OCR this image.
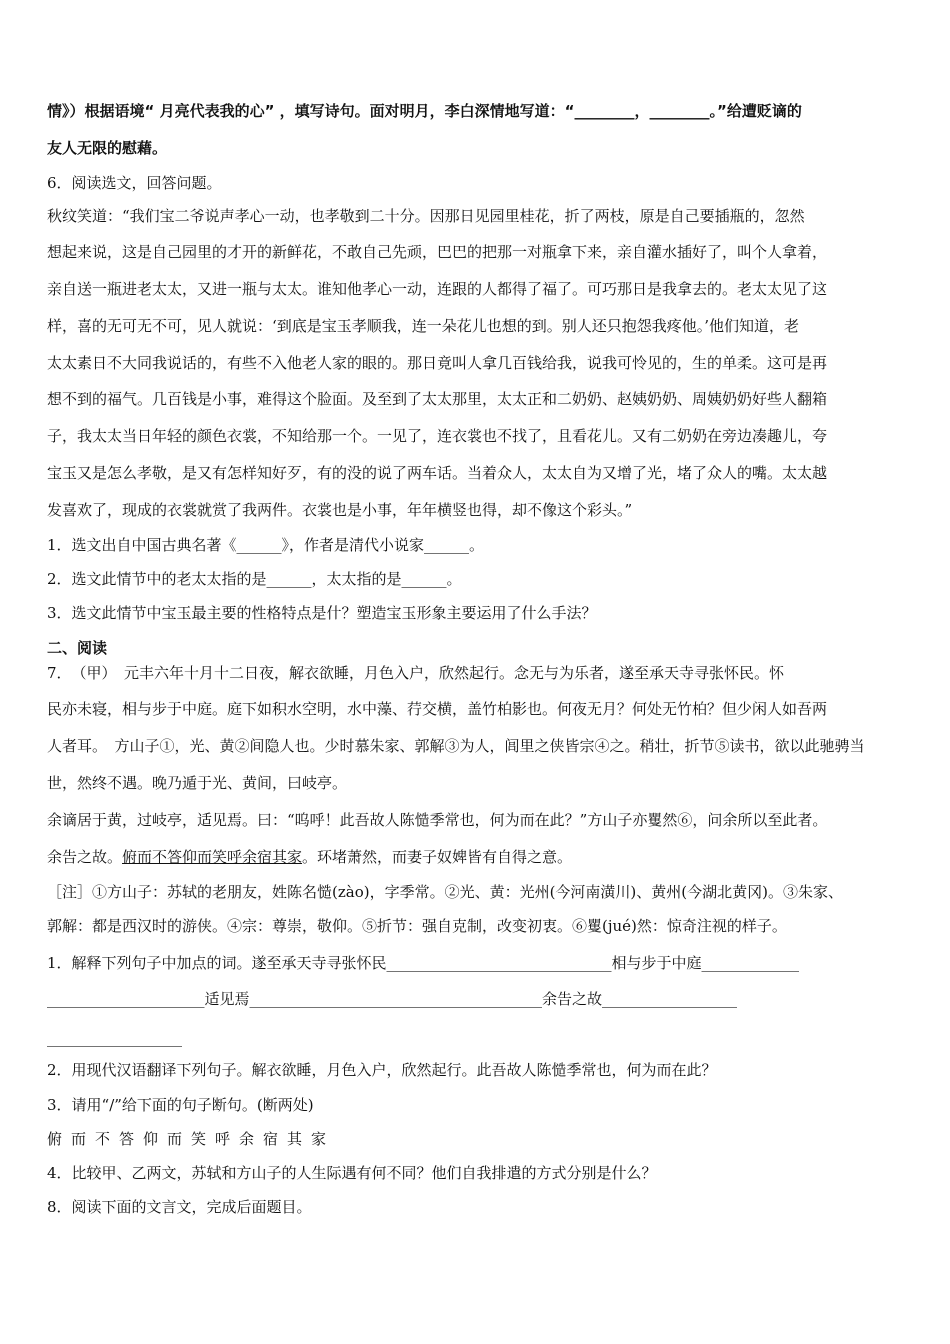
情》）根据语境“ 月亮代表我的心” ，填写诗句。面对明月，李白深情地写道：“________，________。”给遭贬谪的
友人无限的慰藉。
6．阅读选文，回答问题。
秋纹笑道：“我们宝二爷说声孝心一动，也孝敬到二十分。因那日见园里桂花，折了两枝，原是自己要插瓶的，忽然
想起来说，这是自己园里的才开的新鲜花，不敢自己先顽，巴巴的把那一对瓶拿下来，亲自灌水插好了，叫个人拿着，
亲自送一瓶进老太太，又进一瓶与太太。谁知他孝心一动，连跟的人都得了福了。可巧那日是我拿去的。老太太见了这
样，喜的无可无不可，见人就说：‘到底是宝玉孝顺我，连一朵花儿也想的到。别人还只抱怨我疼他。’他们知道，老
太太素日不大同我说话的，有些不入他老人家的眼的。那日竟叫人拿几百钱给我，说我可怜见的，生的单柔。这可是再
想不到的福气。几百钱是小事，难得这个脸面。及至到了太太那里，太太正和二奶奶、赵姨奶奶、周姨奶奶好些人翻箱
子，我太太当日年轻的颜色衣裳，不知给那一个。一见了，连衣裳也不找了，且看花儿。又有二奶奶在旁边凑趣儿，夸
宝玉又是怎么孝敬，是又有怎样知好歹，有的没的说了两车话。当着众人，太太自为又增了光，堵了众人的嘴。太太越
发喜欢了，现成的衣裳就赏了我两件。衣裳也是小事，年年横竖也得，却不像这个彩头。”
1．选文出自中国古典名著《______》，作者是清代小说家______。
2．选文此情节中的老太太指的是______，太太指的是______。
3．选文此情节中宝玉最主要的性格特点是什？塑造宝玉形象主要运用了什么手法？
二、阅读
7．　（甲）　元丰六年十月十二日夜，解衣欲睡，月色入户，欣然起行。念无与为乐者，遂至承天寺寻张怀民。怀
民亦未寝，相与步于中庭。庭下如积水空明，水中藻、荇交横，盖竹柏影也。何夜无月？何处无竹柏？但少闲人如吾两
人者耳。　方山子①，光、黄②间隐人也。少时慕朱家、郭解③为人，闾里之侠皆宗④之。稍壮，折节⑤读书，欲以此驰骋当
世，然终不遇。晚乃遁于光、黄间，曰岐亭。
余谪居于黄，过岐亭，适见焉。曰：“呜呼！此吾故人陈慥季常也，何为而在此？”方山子亦矍然⑥，问余所以至此者。
余告之故。俯而不答仰而笑呼余宿其家。环堵萧然，而妻子奴婢皆有自得之意。
［注］①方山子：苏轼的老朋友，姓陈名慥(zào)，字季常。②光、黄：光州(今河南潢川)、黄州(今湖北黄冈)。③朱家、
郭解：都是西汉时的游侠。④宗：尊崇，敬仰。⑤折节：强自克制，改变初衷。⑥矍(jué)然：惊奇注视的样子。
1．解释下列句子中加点的词。遂至承天寺寻张怀民______________________________相与步于中庭_____________
_____________________适见焉_______________________________________余告之故__________________
__________________
2．用现代汉语翻译下列句子。解衣欲睡，月色入户，欣然起行。此吾故人陈慥季常也，何为而在此？
3．请用“/”给下面的句子断句。(断两处)
俯而不答仰而笑呼余宿其家
4．比较甲、乙两文，苏轼和方山子的人生际遇有何不同？他们自我排遣的方式分别是什么？
8．阅读下面的文言文，完成后面题目。
